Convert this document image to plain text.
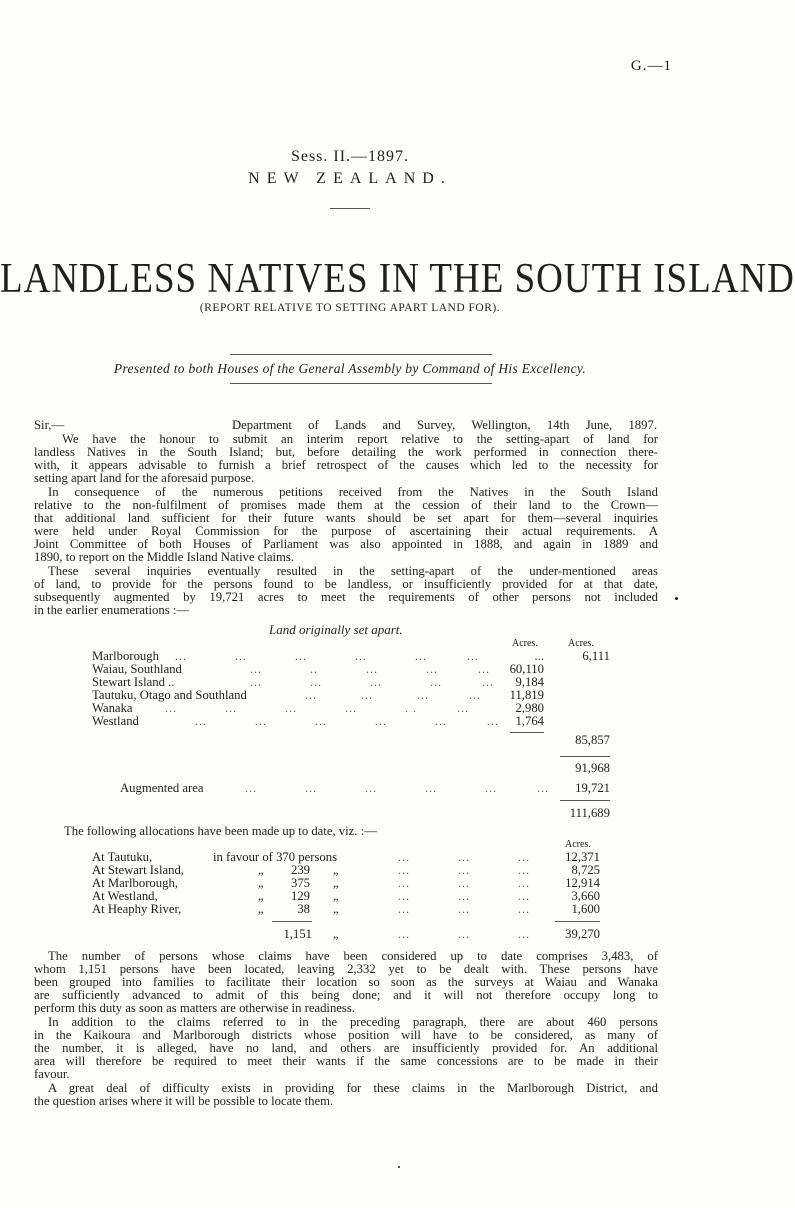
G.—1
Sess. II.—1897.
NEW ZEALAND.
LANDLESS NATIVES IN THE SOUTH ISLAND
(REPORT RELATIVE TO SETTING APART LAND FOR).
Presented to both Houses of the General Assembly by Command of His Excellency.
Sir,—	Department of Lands and Survey, Wellington, 14th June, 1897.
We have the honour to submit an interim report relative to the setting-apart of land for
landless Natives in the South Island; but, before detailing the work performed in connection there-
with, it appears advisable to furnish a brief retrospect of the causes which led to the necessity for
setting apart land for the aforesaid purpose.
In consequence of the numerous petitions received from the Natives in the South Island
relative to the non-fulfilment of promises made them at the cession of their land to the Crown—
that additional land sufficient for their future wants should be set apart for them—several inquiries
were held under Royal Commission for the purpose of ascertaining their actual requirements. A
Joint Committee of both Houses of Parliament was also appointed in 1888, and again in 1889 and
1890, to report on the Middle Island Native claims.
These several inquiries eventually resulted in the setting-apart of the under-mentioned areas
of land, to provide for the persons found to be landless, or insufficiently provided for at that date,
subsequently augmented by 19,721 acres to meet the requirements of other persons not included
in the earlier enumerations :—
Land originally set apart.
Acres.	Acres.
Marlborough ...            ...            ...            ...            ...          ...	...	6,111
Waiau, Southland	...            ..            ...            ...          ...	60,110
Stewart Island ..	...            ...            ...            ...          ...	9,184
Tautuku, Otago and Southland	...           ...           ...          ...	11,819
Wanaka	...            ...            ...            ...            . .          ...	2,980
Westland	...            ...            ...            ...            ...          ...	1,764
85,857
91,968
Augmented area	...            ...            ...            ...            ...          ...	19,721
111,689
The following allocations have been made up to date, viz. :—
Acres.
At Tautuku,	in favour of 370 persons	...            ...            ...	12,371
At Stewart Island,	„	239 „	...            ...            ...	8,725
At Marlborough,	„	375 „	...            ...            ...	12,914
At Westland,	„	129 „	...            ...            ...	3,660
At Heaphy River,	„	38 „	...            ...            ...	1,600
1,151 „	...            ...            ...	39,270
The number of persons whose claims have been considered up to date comprises 3,483, of
whom 1,151 persons have been located, leaving 2,332 yet to be dealt with. These persons have
been grouped into families to facilitate their location so soon as the surveys at Waiau and Wanaka
are sufficiently advanced to admit of this being done; and it will not therefore occupy long to
perform this duty as soon as matters are otherwise in readiness.
In addition to the claims referred to in the preceding paragraph, there are about 460 persons
in the Kaikoura and Marlborough districts whose position will have to be considered, as many of
the number, it is alleged, have no land, and others are insufficiently provided for. An additional
area will therefore be required to meet their wants if the same concessions are to be made in their
favour.
A great deal of difficulty exists in providing for these claims in the Marlborough District, and
the question arises where it will be possible to locate them.
